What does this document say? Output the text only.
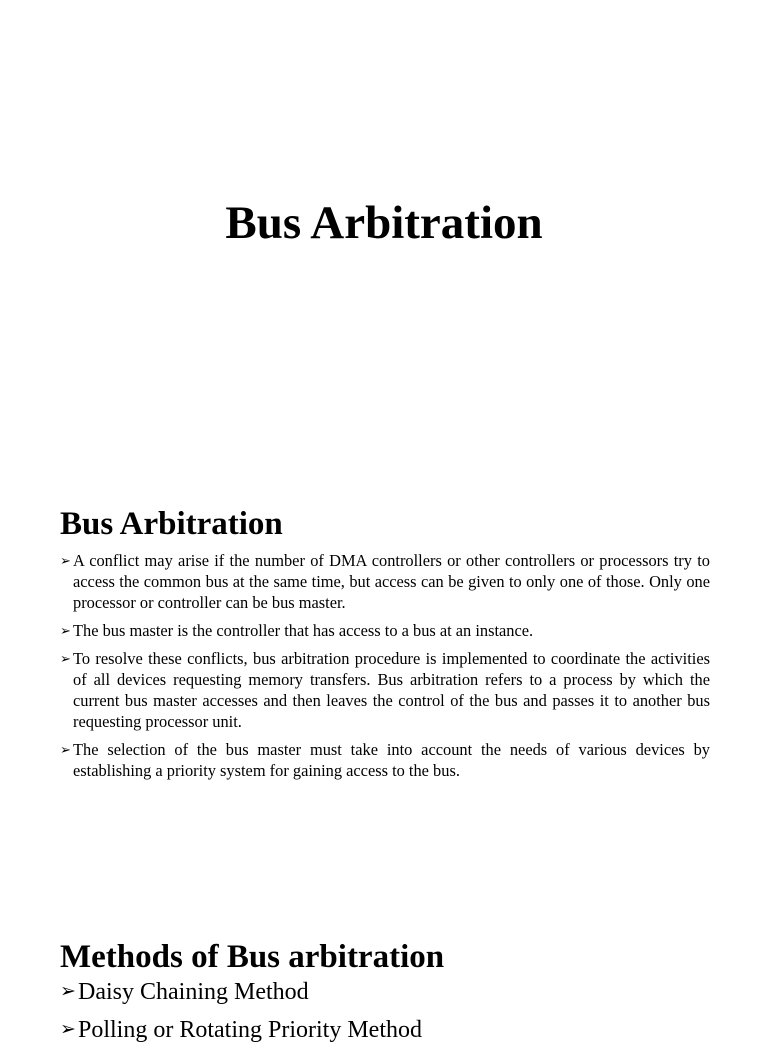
Bus Arbitration
Bus Arbitration
➢ A conflict may arise if the number of DMA controllers or other controllers or processors try to access the common bus at the same time, but access can be given to only one of those. Only one processor or controller can be bus master.
➢ The bus master is the controller that has access to a bus at an instance.
➢ To resolve these conflicts, bus arbitration procedure is implemented to coordinate the activities of all devices requesting memory transfers. Bus arbitration refers to a process by which the current bus master accesses and then leaves the control of the bus and passes it to another bus requesting processor unit.
➢ The selection of the bus master must take into account the needs of various devices by establishing a priority system for gaining access to the bus.
Methods of Bus arbitration
➢ Daisy Chaining Method
➢ Polling or Rotating Priority Method
